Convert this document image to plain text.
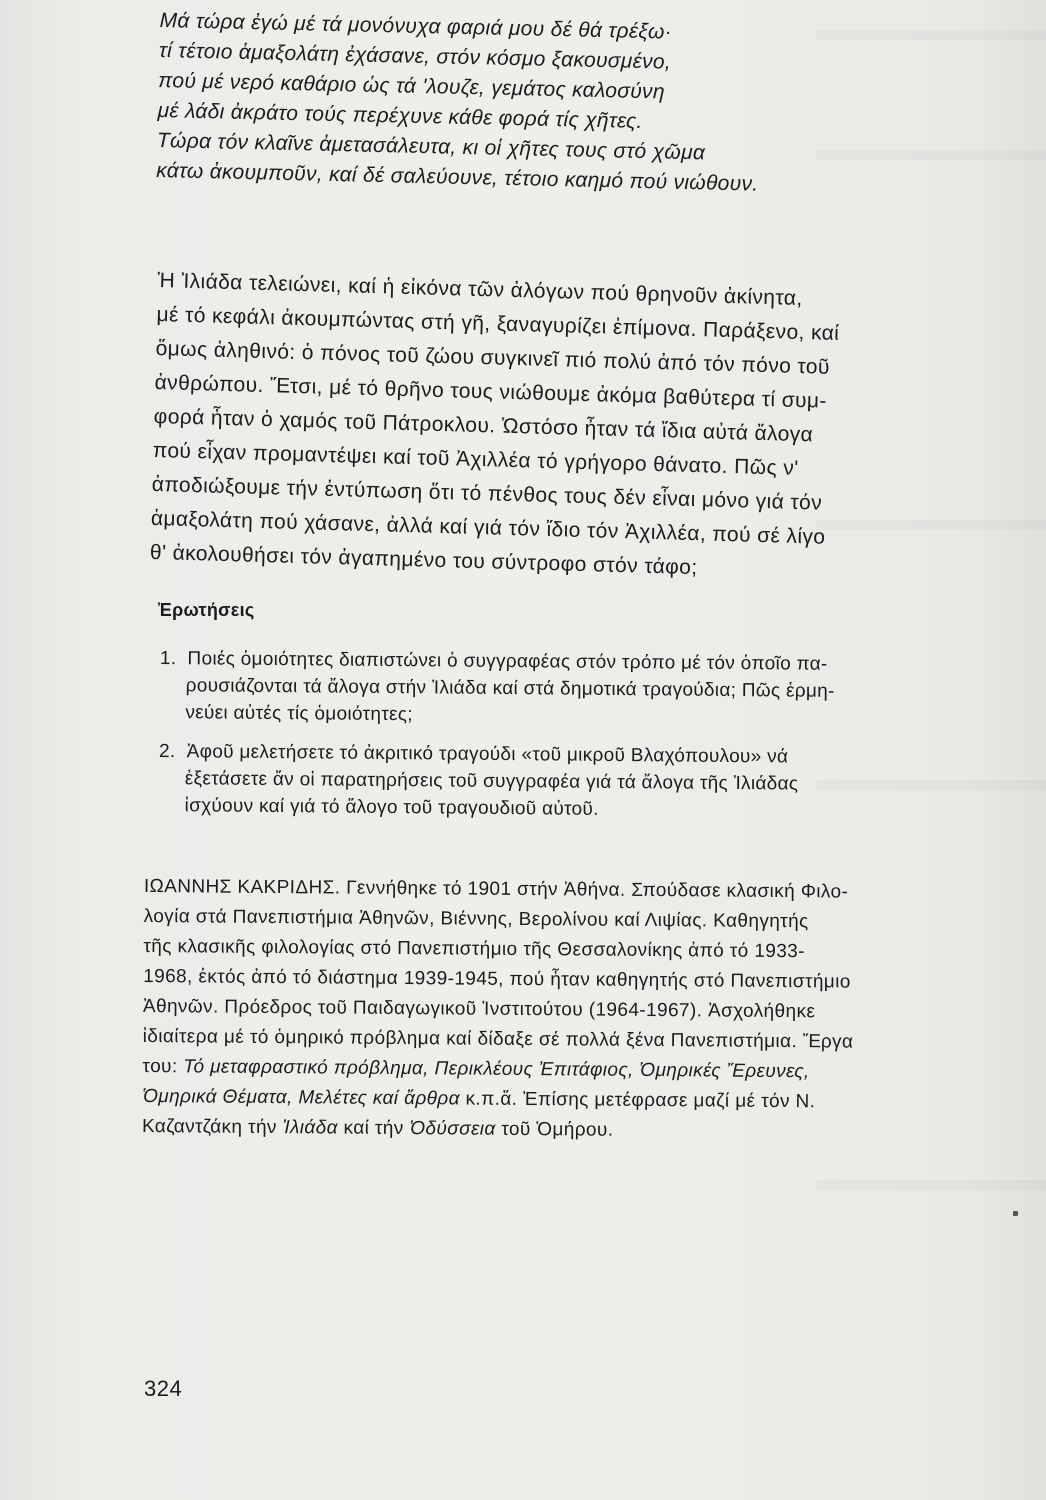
Μά τώρα ἐγώ μέ τά μονόνυχα φαριά μου δέ θά τρέξω·
τί τέτοιο ἁμαξολάτη ἐχάσανε, στόν κόσμο ξακουσμένο,
πού μέ νερό καθάριο ὡς τά 'λουζε, γεμάτος καλοσύνη
μέ λάδι ἀκράτο τούς περέχυνε κάθε φορά τίς χῆτες.
Τώρα τόν κλαῖνε ἀμετασάλευτα, κι οἱ χῆτες τους στό χῶμα
κάτω ἀκουμποῦν, καί δέ σαλεύουνε, τέτοιο καημό πού νιώθουν.
Ἡ Ἰλιάδα τελειώνει, καί ἡ εἰκόνα τῶν ἀλόγων πού θρηνοῦν ἀκίνητα,
μέ τό κεφάλι ἀκουμπώντας στή γῆ, ξαναγυρίζει ἐπίμονα. Παράξενο, καί
ὅμως ἀληθινό: ὁ πόνος τοῦ ζώου συγκινεῖ πιό πολύ ἀπό τόν πόνο τοῦ
ἀνθρώπου. Ἔτσι, μέ τό θρῆνο τους νιώθουμε ἀκόμα βαθύτερα τί συμ-
φορά ἦταν ὁ χαμός τοῦ Πάτροκλου. Ὡστόσο ἦταν τά ἴδια αὐτά ἄλογα
πού εἶχαν προμαντέψει καί τοῦ Ἀχιλλέα τό γρήγορο θάνατο. Πῶς ν'
ἀποδιώξουμε τήν ἐντύπωση ὅτι τό πένθος τους δέν εἶναι μόνο γιά τόν
ἁμαξολάτη πού χάσανε, ἀλλά καί γιά τόν ἴδιο τόν Ἀχιλλέα, πού σέ λίγο
θ' ἀκολουθήσει τόν ἀγαπημένο του σύντροφο στόν τάφο;
Ἐρωτήσεις
1. Ποιές ὁμοιότητες διαπιστώνει ὁ συγγραφέας στόν τρόπο μέ τόν ὁποῖο πα-
ρουσιάζονται τά ἄλογα στήν Ἰλιάδα καί στά δημοτικά τραγούδια; Πῶς ἑρμη-
νεύει αὐτές τίς ὁμοιότητες;
2. Ἀφοῦ μελετήσετε τό ἀκριτικό τραγούδι «τοῦ μικροῦ Βλαχόπουλου» νά
ἐξετάσετε ἄν οἱ παρατηρήσεις τοῦ συγγραφέα γιά τά ἄλογα τῆς Ἰλιάδας
ἰσχύουν καί γιά τό ἄλογο τοῦ τραγουδιοῦ αὐτοῦ.
ΙΩΑΝΝΗΣ ΚΑΚΡΙΔΗΣ. Γεννήθηκε τό 1901 στήν Ἀθήνα. Σπούδασε κλασική Φιλο-
λογία στά Πανεπιστήμια Ἀθηνῶν, Βιέννης, Βερολίνου καί Λιψίας. Καθηγητής
τῆς κλασικῆς φιλολογίας στό Πανεπιστήμιο τῆς Θεσσαλονίκης ἀπό τό 1933-
1968, ἐκτός ἀπό τό διάστημα 1939-1945, πού ἦταν καθηγητής στό Πανεπιστήμιο
Ἀθηνῶν. Πρόεδρος τοῦ Παιδαγωγικοῦ Ἰνστιτούτου (1964-1967). Ἀσχολήθηκε
ἰδιαίτερα μέ τό ὁμηρικό πρόβλημα καί δίδαξε σέ πολλά ξένα Πανεπιστήμια. Ἔργα
του: Τό μεταφραστικό πρόβλημα, Περικλέους Ἐπιτάφιος, Ὁμηρικές Ἔρευνες,
Ὁμηρικά Θέματα, Μελέτες καί ἄρθρα κ.π.ἄ. Ἐπίσης μετέφρασε μαζί μέ τόν Ν.
Καζαντζάκη τήν Ἰλιάδα καί τήν Ὀδύσσεια τοῦ Ὁμήρου.
324
